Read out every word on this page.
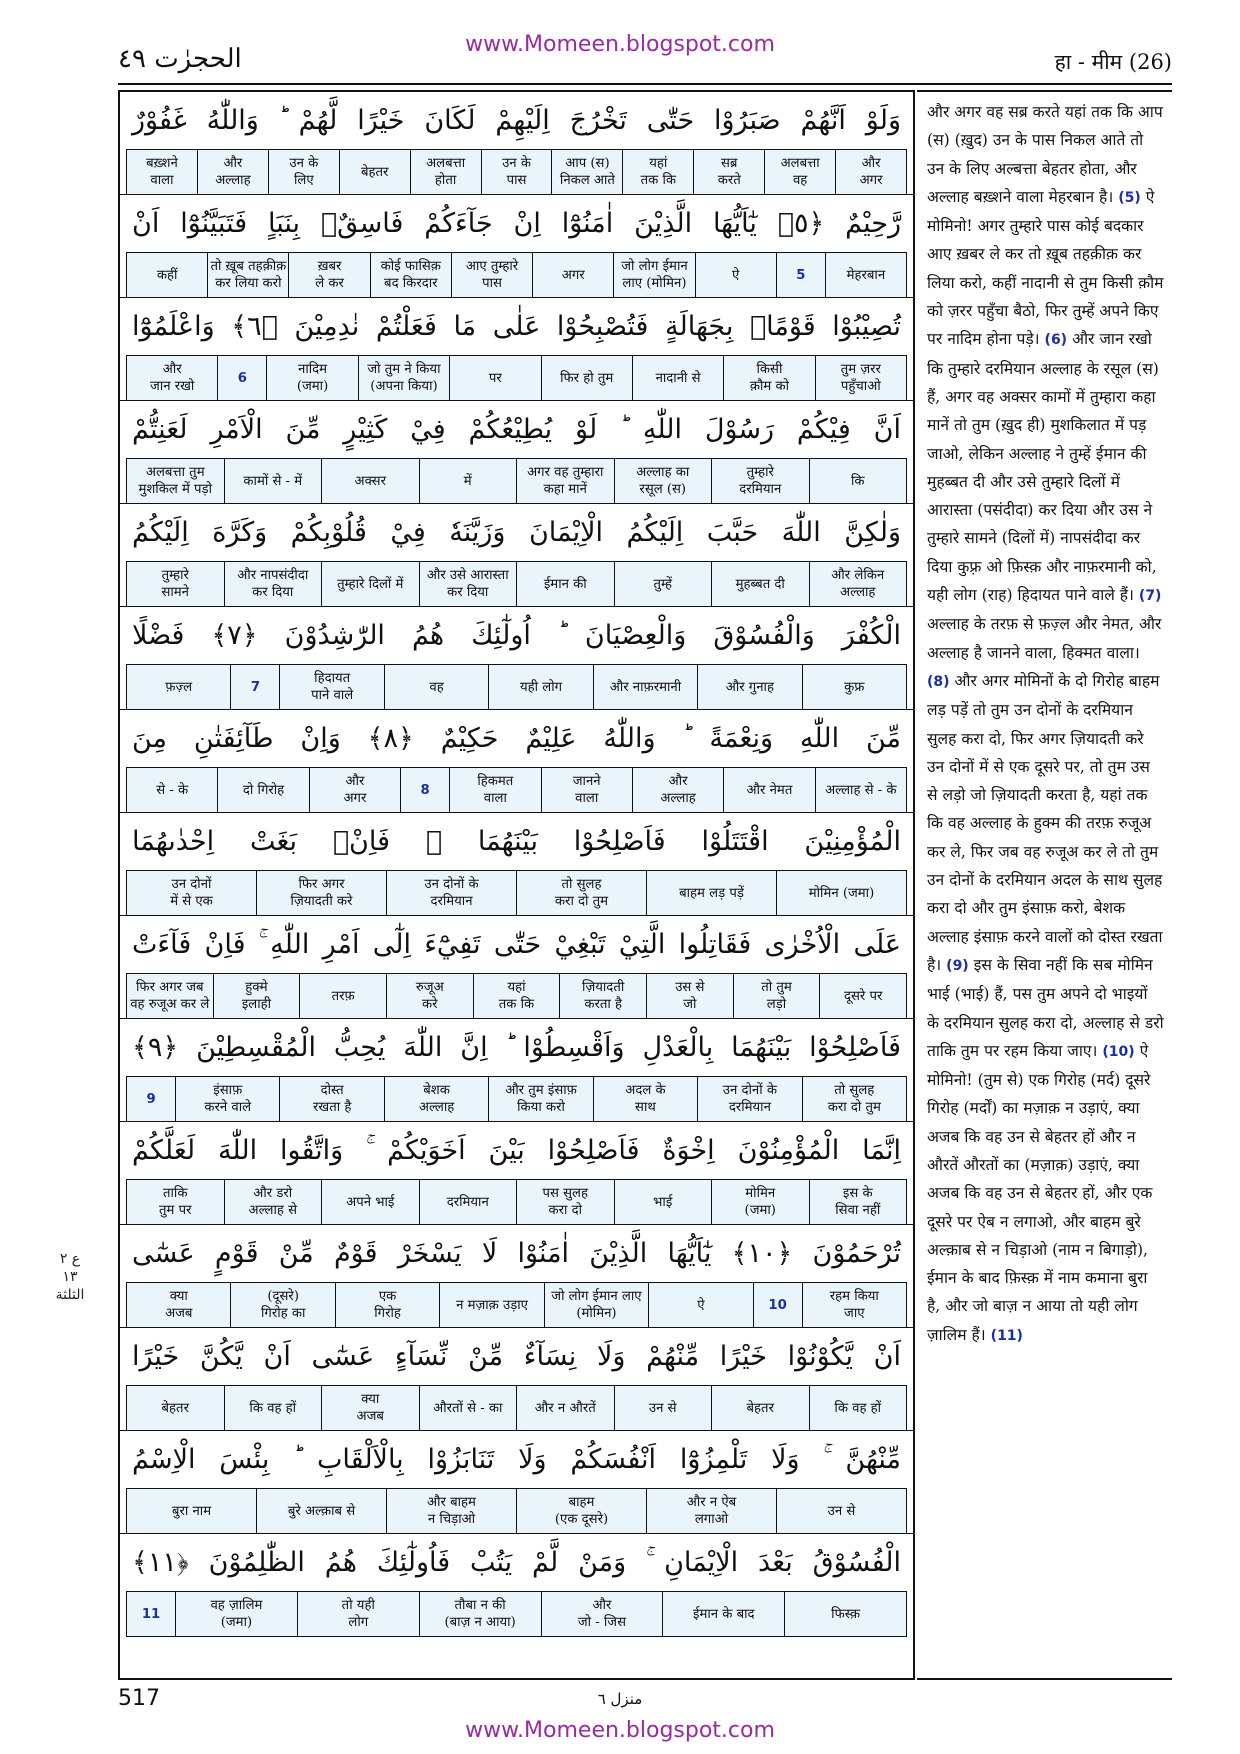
www.Momeen.blogspot.com
الحجرٰت ٤٩	हा - मीम (26)
وَلَوْ اَنَّهُمْ صَبَرُوْا حَتّٰى تَخْرُجَ اِلَيْهِمْ لَكَانَ خَيْرًا لَّهُمْ ؕ وَاللّٰهُ غَفُوْرٌ
और
अगर
अलबत्ता
वह
सब्र
करते
यहां
तक कि
आप (स)
निकल आते
उन के
पास
अलबत्ता
होता
बेहतर
उन के
लिए
और
अल्लाह
बख़्शने
वाला
رَّحِيْمٌ ﴿٥﴾ يٰٓاَيُّهَا الَّذِيْنَ اٰمَنُوْٓا اِنْ جَآءَكُمْ فَاسِقٌۢ بِنَبَاٍ فَتَبَيَّنُوْٓا اَنْ
मेहरबान
5
ऐ
जो लोग ईमान
लाए (मोमिन)
अगर
आए तुम्हारे
पास
कोई फासिक़
बद किरदार
ख़बर
ले कर
तो ख़ूब तहक़ीक़
कर लिया करो
कहीं
تُصِيْبُوْا قَوْمًاۢ بِجَهَالَةٍ فَتُصْبِحُوْا عَلٰى مَا فَعَلْتُمْ نٰدِمِيْنَ ﴿٦﴾ وَاعْلَمُوْٓا
तुम ज़रर
पहुँचाओ
किसी
क़ौम को
नादानी से
फिर हो तुम
पर
जो तुम ने किया
(अपना किया)
नादिम
(जमा)
6
और
जान रखो
اَنَّ فِيْكُمْ رَسُوْلَ اللّٰهِ ؕ لَوْ يُطِيْعُكُمْ فِيْ كَثِيْرٍ مِّنَ الْاَمْرِ لَعَنِتُّمْ
कि
तुम्हारे
दरमियान
अल्लाह का
रसूल (स)
अगर वह तुम्हारा
कहा मानें
में
अक्सर
कामों से - में
अलबत्ता तुम
मुशकिल में पड़ो
وَلٰكِنَّ اللّٰهَ حَبَّبَ اِلَيْكُمُ الْاِيْمَانَ وَزَيَّنَهٗ فِيْ قُلُوْبِكُمْ وَكَرَّهَ اِلَيْكُمُ
और लेकिन
अल्लाह
मुहब्बत दी
तुम्हें
ईमान की
और उसे आरास्ता
कर दिया
तुम्हारे दिलों में
और नापसंदीदा
कर दिया
तुम्हारे
सामने
الْكُفْرَ وَالْفُسُوْقَ وَالْعِصْيَانَ ؕ اُولٰٓئِكَ هُمُ الرّٰشِدُوْنَ ﴿٧﴾ فَضْلًا
कुफ्र
और गुनाह
और नाफ़रमानी
यही लोग
वह
हिदायत
पाने वाले
7
फ़ज़्ल
مِّنَ اللّٰهِ وَنِعْمَةً ؕ وَاللّٰهُ عَلِيْمٌ حَكِيْمٌ ﴿٨﴾ وَاِنْ طَآئِفَتٰنِ مِنَ
अल्लाह से - के
और नेमत
और
अल्लाह
जानने
वाला
हिकमत
वाला
8
और
अगर
दो गिरोह
से - के
الْمُؤْمِنِيْنَ اقْتَتَلُوْا فَاَصْلِحُوْا بَيْنَهُمَا ۚ فَاِنْۢ بَغَتْ اِحْدٰىهُمَا
मोमिन (जमा)
बाहम लड़ पड़ें
तो सुलह
करा दो तुम
उन दोनों के
दरमियान
फिर अगर
ज़ियादती करे
उन दोनों
में से एक
عَلَى الْاُخْرٰى فَقَاتِلُوا الَّتِيْ تَبْغِيْ حَتّٰى تَفِيْٓءَ اِلٰٓى اَمْرِ اللّٰهِ ۚ فَاِنْ فَآءَتْ
दूसरे पर
तो तुम
लड़ो
उस से
जो
ज़ियादती
करता है
यहां
तक कि
रुजूअ
करे
तरफ़
हुक्मे
इलाही
फिर अगर जब
वह रुजूअ कर ले
فَاَصْلِحُوْا بَيْنَهُمَا بِالْعَدْلِ وَاَقْسِطُوْا ؕ اِنَّ اللّٰهَ يُحِبُّ الْمُقْسِطِيْنَ ﴿٩﴾
तो सुलह
करा दो तुम
उन दोनों के
दरमियान
अदल के
साथ
और तुम इंसाफ़
किया करो
बेशक
अल्लाह
दोस्त
रखता है
इंसाफ़
करने वाले
9
اِنَّمَا الْمُؤْمِنُوْنَ اِخْوَةٌ فَاَصْلِحُوْا بَيْنَ اَخَوَيْكُمْ ۚ وَاتَّقُوا اللّٰهَ لَعَلَّكُمْ
इस के
सिवा नहीं
मोमिन
(जमा)
भाई
पस सुलह
करा दो
दरमियान
अपने भाई
और डरो
अल्लाह से
ताकि
तुम पर
تُرْحَمُوْنَ ﴿١٠﴾ يٰٓاَيُّهَا الَّذِيْنَ اٰمَنُوْا لَا يَسْخَرْ قَوْمٌ مِّنْ قَوْمٍ عَسٰٓى
रहम किया
जाए
10
ऐ
जो लोग ईमान लाए
(मोमिन)
न मज़ाक़ उड़ाए
एक
गिरोह
(दूसरे)
गिरोह का
क्या
अजब
اَنْ يَّكُوْنُوْا خَيْرًا مِّنْهُمْ وَلَا نِسَآءٌ مِّنْ نِّسَآءٍ عَسٰٓى اَنْ يَّكُنَّ خَيْرًا
कि वह हों
बेहतर
उन से
और न औरतें
औरतों से - का
क्या
अजब
कि वह हों
बेहतर
مِّنْهُنَّ ۚ وَلَا تَلْمِزُوْٓا اَنْفُسَكُمْ وَلَا تَنَابَزُوْا بِالْاَلْقَابِ ؕ بِئْسَ الْاِسْمُ
उन से
और न ऐब
लगाओ
बाहम
(एक दूसरे)
और बाहम
न चिड़ाओ
बुरे अल्क़ाब से
बुरा नाम
الْفُسُوْقُ بَعْدَ الْاِيْمَانِ ۚ وَمَنْ لَّمْ يَتُبْ فَاُولٰٓئِكَ هُمُ الظّٰلِمُوْنَ ﴿١١﴾
फिस्क़
ईमान के बाद
और
जो - जिस
तौबा न की
(बाज़ न आया)
तो यही
लोग
वह ज़ालिम
(जमा)
11
और अगर वह सब्र करते यहां तक कि आप (स) (ख़ुद) उन के पास निकल आते तो उन के लिए अल्बत्ता बेहतर होता, और अल्लाह बख़्शने वाला मेहरबान है। (5) ऐ मोमिनो! अगर तुम्हारे पास कोई बदकार आए ख़बर ले कर तो ख़ूब तहक़ीक़ कर लिया करो, कहीं नादानी से तुम किसी क़ौम को ज़रर पहुँचा बैठो, फिर तुम्हें अपने किए पर नादिम होना पड़े। (6) और जान रखो कि तुम्हारे दरमियान अल्लाह के रसूल (स) हैं, अगर वह अक्सर कामों में तुम्हारा कहा मानें तो तुम (ख़ुद ही) मुशकिलात में पड़ जाओ, लेकिन अल्लाह ने तुम्हें ईमान की मुहब्बत दी और उसे तुम्हारे दिलों में आरास्ता (पसंदीदा) कर दिया और उस ने तुम्हारे सामने (दिलों में) नापसंदीदा कर दिया कुफ़्र ओ फ़िस्क़ और नाफ़रमानी को, यही लोग (राह) हिदायत पाने वाले हैं। (7) अल्लाह के तरफ़ से फ़ज़्ल और नेमत, और अल्लाह है जानने वाला, हिक्मत वाला। (8) और अगर मोमिनों के दो गिरोह बाहम लड़ पड़ें तो तुम उन दोनों के दरमियान सुलह करा दो, फिर अगर ज़ियादती करे उन दोनों में से एक दूसरे पर, तो तुम उस से लड़ो जो ज़ियादती करता है, यहां तक कि वह अल्लाह के हुक्म की तरफ़ रुजूअ कर ले, फिर जब वह रुजूअ कर ले तो तुम उन दोनों के दरमियान अदल के साथ सुलह करा दो और तुम इंसाफ़ करो, बेशक अल्लाह इंसाफ़ करने वालों को दोस्त रखता है। (9) इस के सिवा नहीं कि सब मोमिन भाई (भाई) हैं, पस तुम अपने दो भाइयों के दरमियान सुलह करा दो, अल्लाह से डरो ताकि तुम पर रहम किया जाए। (10) ऐ मोमिनो! (तुम से) एक गिरोह (मर्द) दूसरे गिरोह (मर्दों) का मज़ाक़ न उड़ाएं, क्या अजब कि वह उन से बेहतर हों और न औरतें औरतों का (मज़ाक़) उड़ाएं, क्या अजब कि वह उन से बेहतर हों, और एक दूसरे पर ऐब न लगाओ, और बाहम बुरे अल्क़ाब से न चिड़ाओ (नाम न बिगाड़ो), ईमान के बाद फ़िस्क़ में नाम कमाना बुरा है, और जो बाज़ न आया तो यही लोग ज़ालिम हैं। (11)
ع ٢
١٣
الثلثة
517	منزل ٦
www.Momeen.blogspot.com
